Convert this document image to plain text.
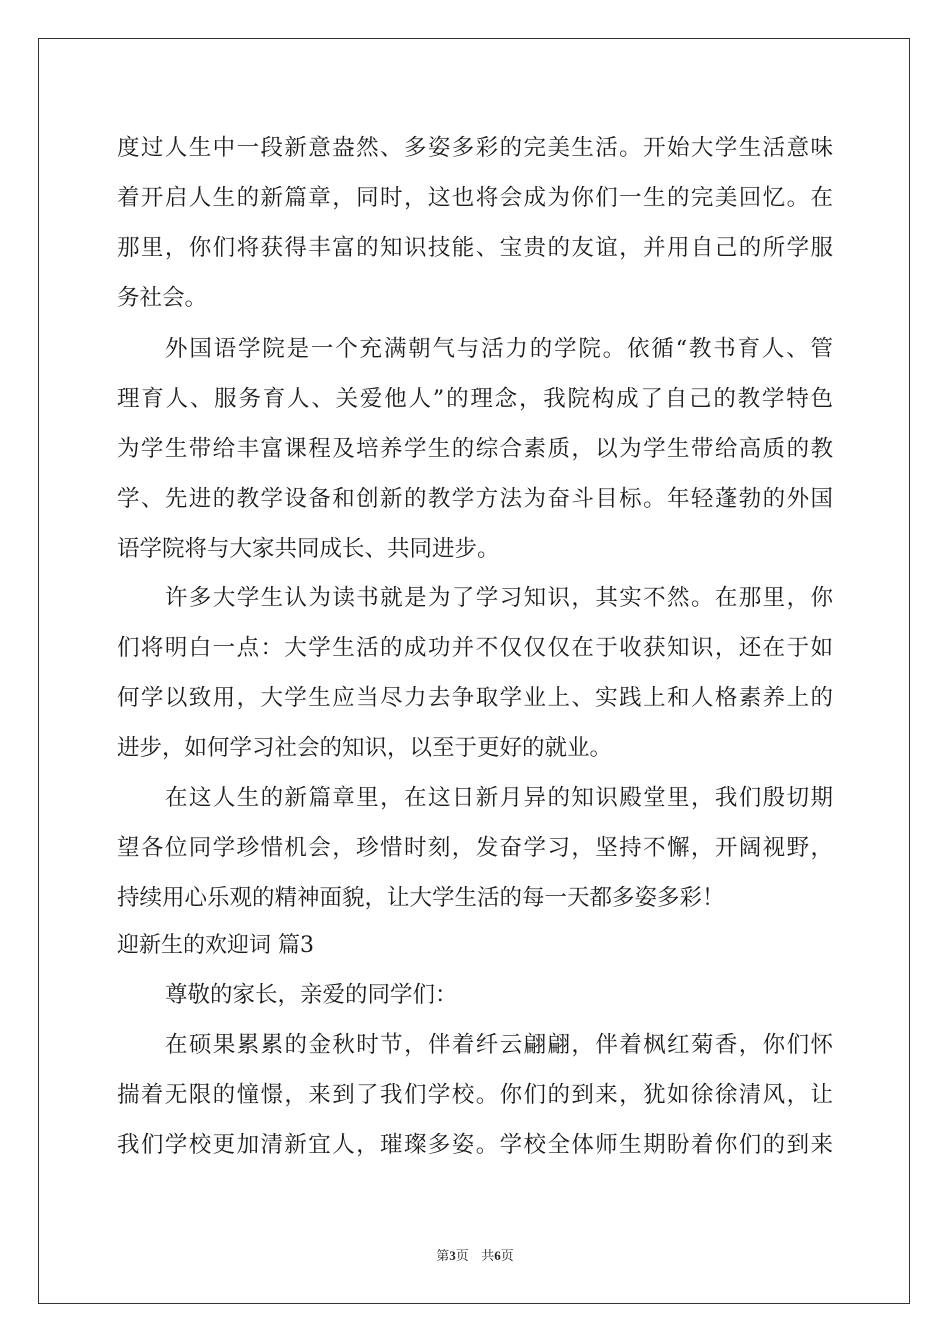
度过人生中一段新意盎然、多姿多彩的完美生活。开始大学生活意味
着开启人生的新篇章，同时，这也将会成为你们一生的完美回忆。在
那里，你们将获得丰富的知识技能、宝贵的友谊，并用自己的所学服
务社会。
外国语学院是一个充满朝气与活力的学院。依循“教书育人、管
理育人、服务育人、关爱他人”的理念，我院构成了自己的教学特色
为学生带给丰富课程及培养学生的综合素质，以为学生带给高质的教
学、先进的教学设备和创新的教学方法为奋斗目标。年轻蓬勃的外国
语学院将与大家共同成长、共同进步。
许多大学生认为读书就是为了学习知识，其实不然。在那里，你
们将明白一点：大学生活的成功并不仅仅仅在于收获知识，还在于如
何学以致用，大学生应当尽力去争取学业上、实践上和人格素养上的
进步，如何学习社会的知识，以至于更好的就业。
在这人生的新篇章里，在这日新月异的知识殿堂里，我们殷切期
望各位同学珍惜机会，珍惜时刻，发奋学习，坚持不懈，开阔视野，
持续用心乐观的精神面貌，让大学生活的每一天都多姿多彩！
迎新生的欢迎词 篇3
尊敬的家长，亲爱的同学们：
在硕果累累的金秋时节，伴着纤云翩翩，伴着枫红菊香，你们怀
揣着无限的憧憬，来到了我们学校。你们的到来，犹如徐徐清风，让
我们学校更加清新宜人，璀璨多姿。学校全体师生期盼着你们的到来
第3页 共6页
